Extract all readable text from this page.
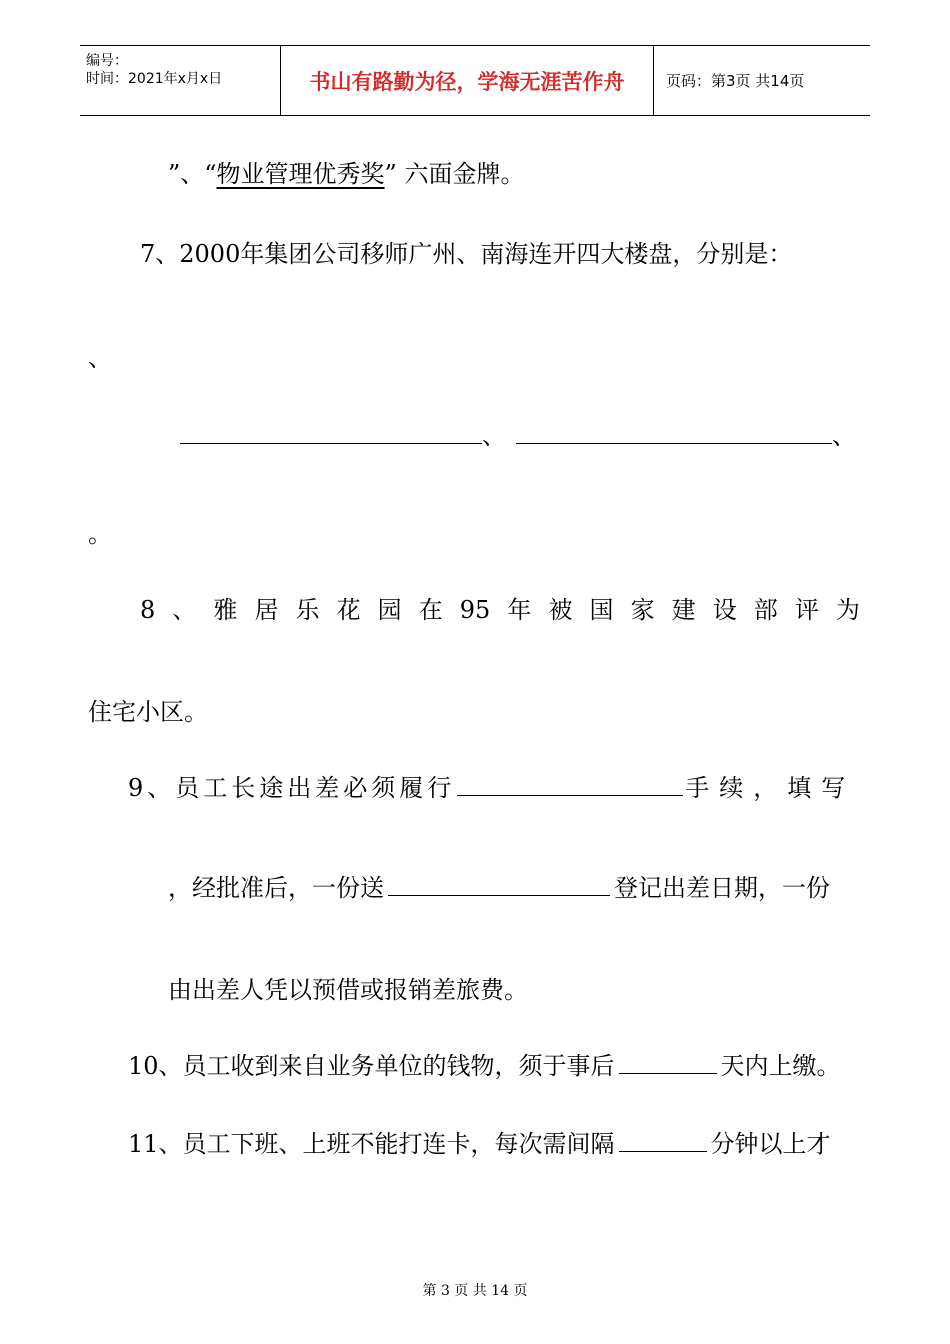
编号：
时间：2021年x月x日	书山有路勤为径，学海无涯苦作舟	页码：第3页 共14页
”、“物业管理优秀奖” 六面金牌。
7、2000年集团公司移师广州、南海连开四大楼盘，分别是：
、
、	、
。
8 、 雅 居 乐 花 园 在 95 年 被 国 家 建 设 部 评 为
住宅小区。
9、员工长途出差必须履行	手续，填写
，经批准后，一份送	登记出差日期，一份
由出差人凭以预借或报销差旅费。
10、员工收到来自业务单位的钱物，须于事后	天内上缴。
11、员工下班、上班不能打连卡，每次需间隔	分钟以上才
第 3 页 共 14 页
